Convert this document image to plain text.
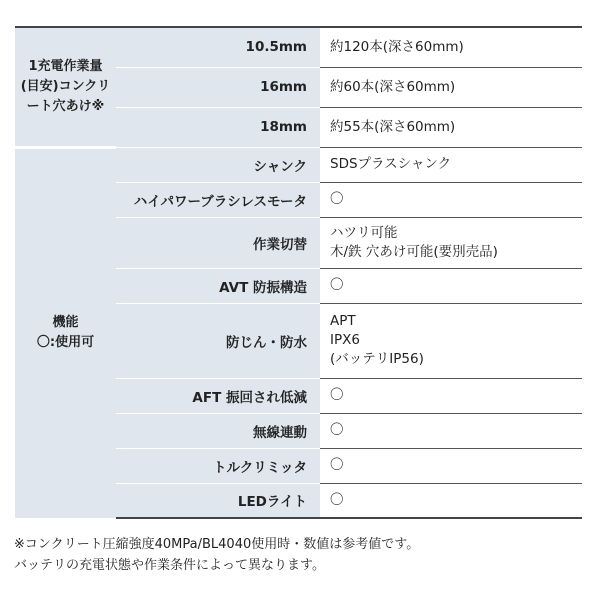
1充電作業量
(目安)コンクリ
ート穴あけ※	10.5mm	約120本(深さ60mm)
	16mm	約60本(深さ60mm)
	18mm	約55本(深さ60mm)

機能
〇:使用可	シャンク	SDSプラスシャンク
	ハイパワーブラシレスモータ	〇
	作業切替	ハツリ可能
木/鉄 穴あけ可能(要別売品)

	AVT 防振構造	〇
	防じん・防水	APT
IPX6
(バッテリIP56)

	AFT 振回され低減	〇
	無線連動	〇
	トルクリミッタ	〇
	LEDライト	〇
※コンクリート圧縮強度40MPa/BL4040使用時・数値は参考値です。
バッテリの充電状態や作業条件によって異なります。
